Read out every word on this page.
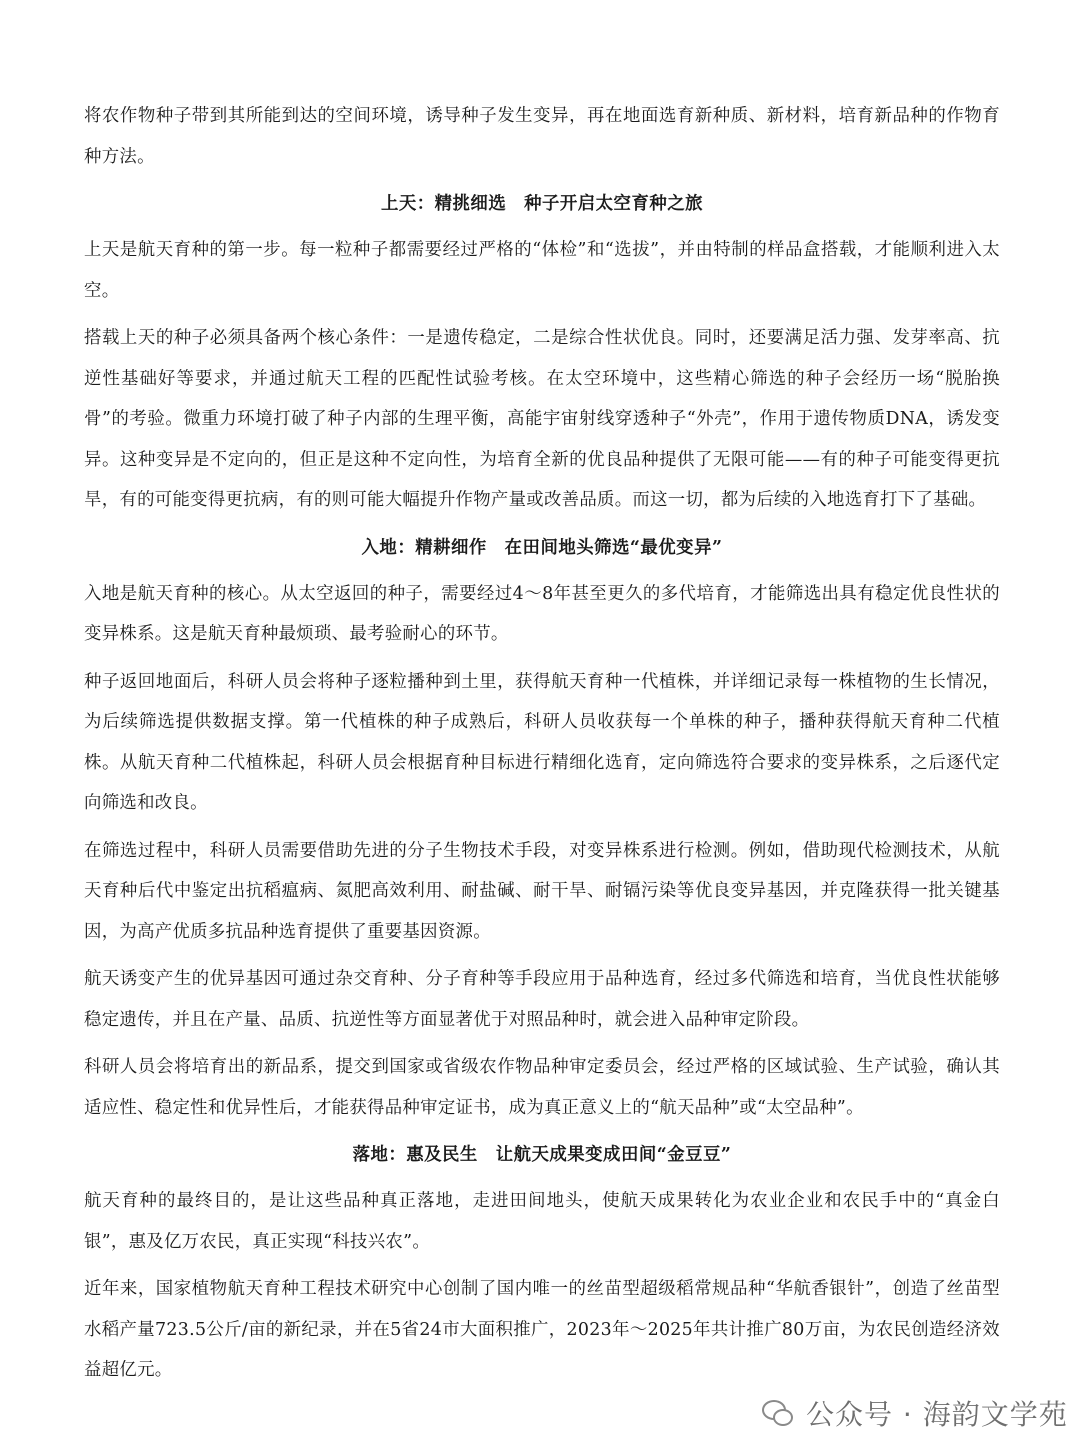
将农作物种子带到其所能到达的空间环境，诱导种子发生变异，再在地面选育新种质、新材料，培育新品种的作物育种方法。

上天：精挑细选　种子开启太空育种之旅

上天是航天育种的第一步。每一粒种子都需要经过严格的“体检”和“选拔”，并由特制的样品盒搭载，才能顺利进入太空。

搭载上天的种子必须具备两个核心条件：一是遗传稳定，二是综合性状优良。同时，还要满足活力强、发芽率高、抗逆性基础好等要求，并通过航天工程的匹配性试验考核。在太空环境中，这些精心筛选的种子会经历一场“脱胎换骨”的考验。微重力环境打破了种子内部的生理平衡，高能宇宙射线穿透种子“外壳”，作用于遗传物质DNA，诱发变异。这种变异是不定向的，但正是这种不定向性，为培育全新的优良品种提供了无限可能——有的种子可能变得更抗旱，有的可能变得更抗病，有的则可能大幅提升作物产量或改善品质。而这一切，都为后续的入地选育打下了基础。

入地：精耕细作　在田间地头筛选“最优变异”

入地是航天育种的核心。从太空返回的种子，需要经过4～8年甚至更久的多代培育，才能筛选出具有稳定优良性状的变异株系。这是航天育种最烦琐、最考验耐心的环节。

种子返回地面后，科研人员会将种子逐粒播种到土里，获得航天育种一代植株，并详细记录每一株植物的生长情况，为后续筛选提供数据支撑。第一代植株的种子成熟后，科研人员收获每一个单株的种子，播种获得航天育种二代植株。从航天育种二代植株起，科研人员会根据育种目标进行精细化选育，定向筛选符合要求的变异株系，之后逐代定向筛选和改良。

在筛选过程中，科研人员需要借助先进的分子生物技术手段，对变异株系进行检测。例如，借助现代检测技术，从航天育种后代中鉴定出抗稻瘟病、氮肥高效利用、耐盐碱、耐干旱、耐镉污染等优良变异基因，并克隆获得一批关键基因，为高产优质多抗品种选育提供了重要基因资源。

航天诱变产生的优异基因可通过杂交育种、分子育种等手段应用于品种选育，经过多代筛选和培育，当优良性状能够稳定遗传，并且在产量、品质、抗逆性等方面显著优于对照品种时，就会进入品种审定阶段。

科研人员会将培育出的新品系，提交到国家或省级农作物品种审定委员会，经过严格的区域试验、生产试验，确认其适应性、稳定性和优异性后，才能获得品种审定证书，成为真正意义上的“航天品种”或“太空品种”。

落地：惠及民生　让航天成果变成田间“金豆豆”

航天育种的最终目的，是让这些品种真正落地，走进田间地头，使航天成果转化为农业企业和农民手中的“真金白银”，惠及亿万农民，真正实现“科技兴农”。

近年来，国家植物航天育种工程技术研究中心创制了国内唯一的丝苗型超级稻常规品种“华航香银针”，创造了丝苗型水稻产量723.5公斤/亩的新纪录，并在5省24市大面积推广，2023年～2025年共计推广80万亩，为农民创造经济效益超亿元。

公众号 · 海韵文学苑
